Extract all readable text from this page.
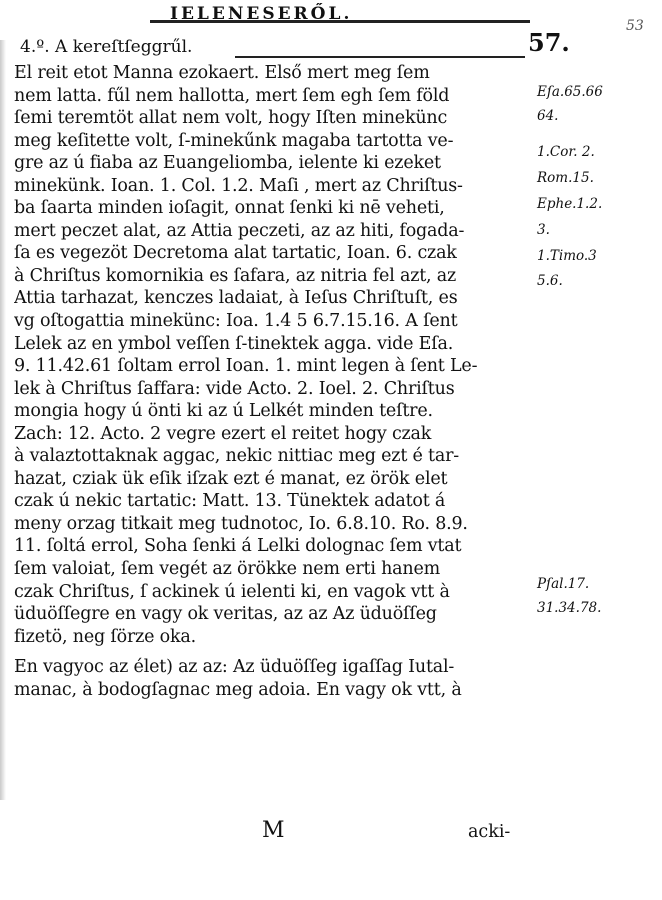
IELENESERŐL.
57.
53
4.º. A kereſtſeggrűl.
El reit etot Manna ezokaert. Első mert meg ſem
nem latta. fűl nem hallotta, mert ſem egh ſem föld
ſemi teremtöt allat nem volt, hogy Iſten minekünc
meg keſitette volt, ſ-minekűnk magaba tartotta ve-
gre az ú fiaba az Euangeliomba, ielente ki ezeket
minekünk. Ioan. 1. Col. 1.2. Maſi , mert az Chriſtus-
ba ſaarta minden ioſagit, onnat ſenki ki nē veheti,
mert peczet alat, az Attia peczeti, az az hiti, fogada-
ſa es vegezöt Decretoma alat tartatic, Ioan. 6. czak
à Chriſtus komornikia es ſafara, az nitria fel azt, az
Attia tarhazat, kenczes ladaiat, à Ieſus Chriſtuſt, es
vg oſtogattia minekünc: Ioa. 1.4 5 6.7.15.16. A ſent
Lelek az en ymbol veſſen ſ-tinektek agga. vide Eſa.
9. 11.42.61 ſoltam errol Ioan. 1. mint legen à ſent Le-
lek à Chriſtus ſaffara: vide Acto. 2. Ioel. 2. Chriſtus
mongia hogy ú önti ki az ú Lelkét minden teſtre.
Zach: 12. Acto. 2 vegre ezert el reitet hogy czak
à valaztottaknak aggac, nekic nittiac meg ezt é tar-
hazat, cziak ük eſik iſzak ezt é manat, ez örök elet
czak ú nekic tartatic: Matt. 13. Tünektek adatot á
meny orzag titkait meg tudnotoc, Io. 6.8.10. Ro. 8.9.
11. ſoltá errol, Soha ſenki á Lelki dolognac ſem vtat
ſem valoiat, ſem vegét az örökke nem erti hanem
czak Chriſtus, ſ ackinek ú ielenti ki, en vagok vtt à
üduöſſegre en vagy ok veritas, az az Az üduöſſeg
fizetö, neg ſörze oka.
En vagyoc az élet) az az: Az üduöſſeg igaſſag Iutal-
manac, à bodogſagnac meg adoia. En vagy ok vtt, à
M	acki-
Eſa.65.66
64.
1.Cor. 2.
Rom.15.
Ephe.1.2.
3.
1.Timo.3
5.6.
Pſal.17.
31.34.78.
